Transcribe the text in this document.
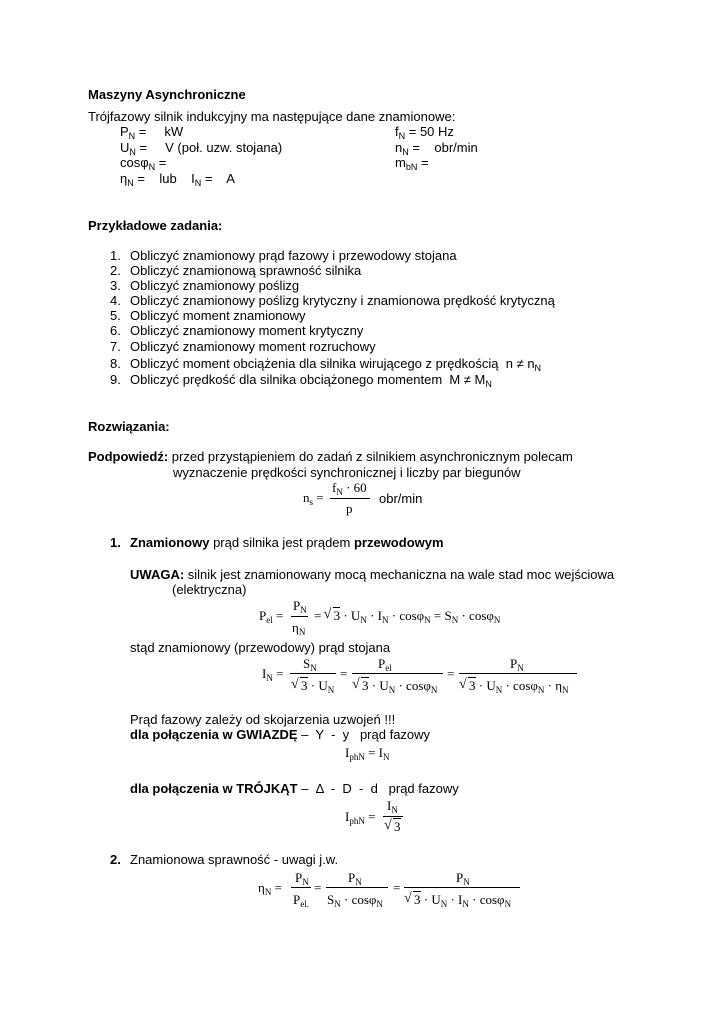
Maszyny Asynchroniczne
Trójfazowy silnik indukcyjny ma następujące dane znamionowe:
$P_N$ =     kW
$U_N$ =     V (poł. uzw. stojana)
cosφ$_N$ =
$\eta_N$ =    lub    $I_N$ =    A
$f_N = 50$ Hz
$n_N$ =    obr/min
$m_{bN}$ =
Przykładowe zadania:
1. Obliczyć znamionowy prąd fazowy i przewodowy stojana
2. Obliczyć znamionową sprawność silnika
3. Obliczyć znamionowy poślizg
4. Obliczyć znamionowy poślizg krytyczny i znamionowa prędkość krytyczną
5. Obliczyć moment znamionowy
6. Obliczyć znamionowy moment krytyczny
7. Obliczyć znamionowy moment rozruchowy
8. Obliczyć moment obciążenia dla silnika wirującego z prędkością  $n \ne n_N$
9. Obliczyć prędkość dla silnika obciążonego momentem  $M \ne M_N$
Rozwiązania:
Podpowiedź: przed przystąpieniem do zadań z silnikiem asynchronicznym polecam
wyznaczenie prędkości synchronicznej i liczby par biegunów
$n_s$ =
$f_N \cdot 60$
p
obr/min
1. Znamionowy prąd silnika jest prądem przewodowym
UWAGA: silnik jest znamionowany mocą mechaniczna na wale stad moc wejściowa
(elektryczna)
$P_{el}$ =
$P_N$
$\eta_N$
= √ $3 \cdot U_N \cdot I_N \cdot \cos\varphi_N = S_N \cdot \cos\varphi_N$
stąd znamionowy (przewodowy) prąd stojana
$I_N$ =
$S_N$
√ $3 \cdot U_N$
=
$P_{el}$
√ $3 \cdot U_N \cdot \cos\varphi_N$
=
$P_N$
√ $3 \cdot U_N \cdot \cos\varphi_N \cdot \eta_N$
Prąd fazowy zależy od skojarzenia uzwojeń !!!
dla połączenia w GWIAZDĘ –  Y  -  y   prąd fazowy
$I_{phN} = I_N$
dla połączenia w TRÓJKĄT –  Δ  -  D  -  d   prąd fazowy
$I_{phN}$ =
$I_N$
√ 3
2. Znamionowa sprawność - uwagi j.w.
$\eta_N$ =
$P_N$
$P_{el.}$
=
$P_N$
$S_N \cdot \cos\varphi_N$
=
$P_N$
√ $3 \cdot U_N \cdot I_N \cdot \cos\varphi_N$
